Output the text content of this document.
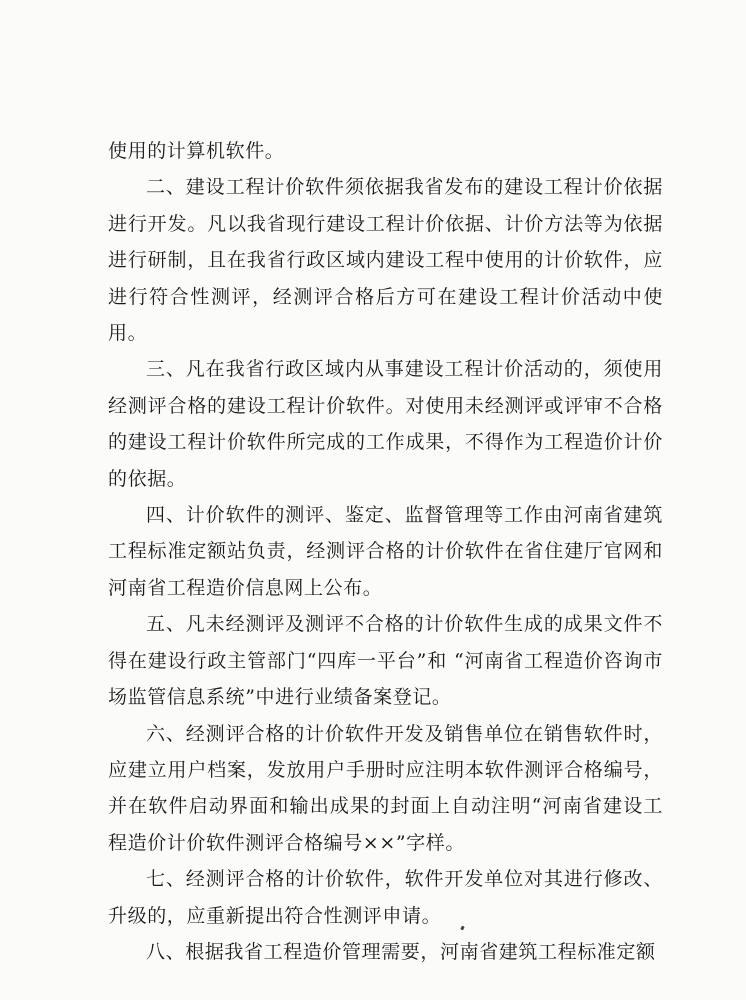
使用的计算机软件。

二、建设工程计价软件须依据我省发布的建设工程计价依据进行开发。凡以我省现行建设工程计价依据、计价方法等为依据进行研制，且在我省行政区域内建设工程中使用的计价软件，应进行符合性测评，经测评合格后方可在建设工程计价活动中使用。

三、凡在我省行政区域内从事建设工程计价活动的，须使用经测评合格的建设工程计价软件。对使用未经测评或评审不合格的建设工程计价软件所完成的工作成果，不得作为工程造价计价的依据。

四、计价软件的测评、鉴定、监督管理等工作由河南省建筑工程标准定额站负责，经测评合格的计价软件在省住建厅官网和河南省工程造价信息网上公布。

五、凡未经测评及测评不合格的计价软件生成的成果文件不得在建设行政主管部门“四库一平台”和 “河南省工程造价咨询市场监管信息系统”中进行业绩备案登记。

六、经测评合格的计价软件开发及销售单位在销售软件时，应建立用户档案，发放用户手册时应注明本软件测评合格编号，并在软件启动界面和输出成果的封面上自动注明“河南省建设工程造价计价软件测评合格编号××”字样。

七、经测评合格的计价软件，软件开发单位对其进行修改、升级的，应重新提出符合性测评申请。

八、根据我省工程造价管理需要，河南省建筑工程标准定额
